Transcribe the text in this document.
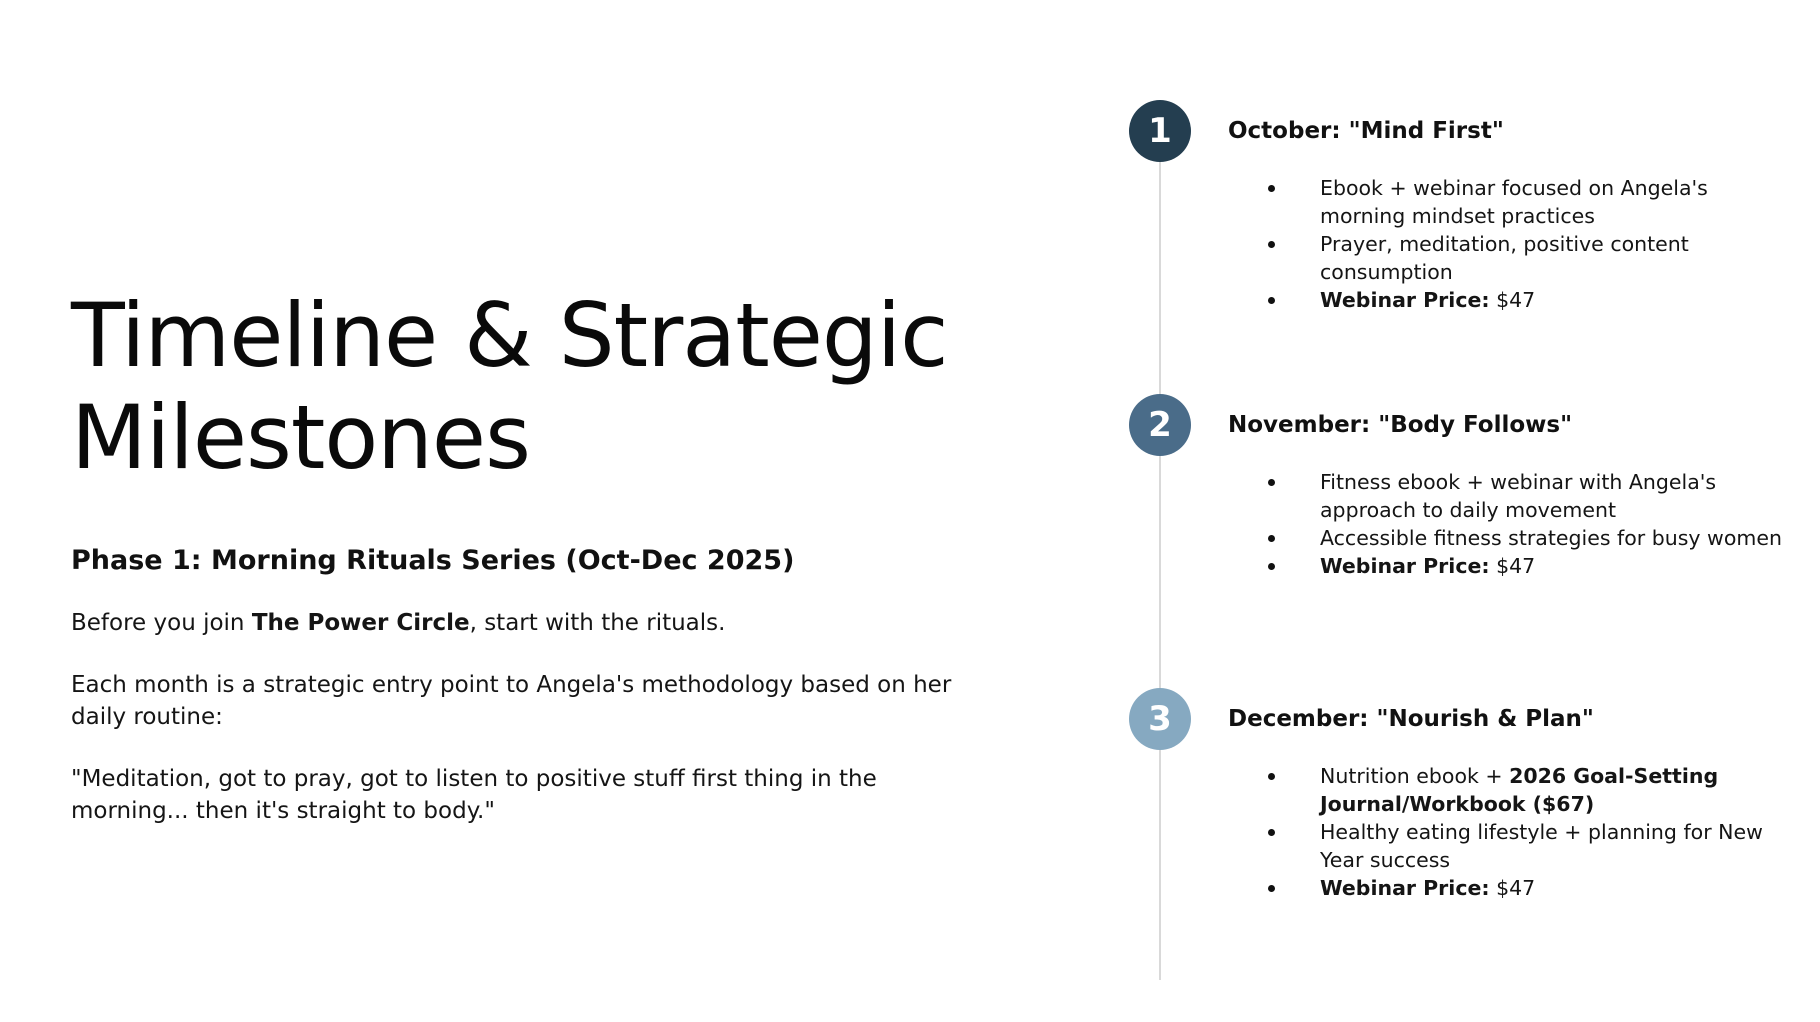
Timeline & Strategic
Milestones
Phase 1: Morning Rituals Series (Oct-Dec 2025)

Before you join The Power Circle, start with the rituals.

Each month is a strategic entry point to Angela's methodology based on her daily routine:

"Meditation, got to pray, got to listen to positive stuff first thing in the morning... then it's straight to body."

1
2
3
October: "Mind First"
Ebook + webinar focused on Angela's morning mindset practices
Prayer, meditation, positive content consumption
Webinar Price: $47
November: "Body Follows"
Fitness ebook + webinar with Angela's approach to daily movement
Accessible fitness strategies for busy women
Webinar Price: $47
December: "Nourish & Plan"
Nutrition ebook + 2026 Goal-Setting Journal/Workbook ($67)
Healthy eating lifestyle + planning for New Year success
Webinar Price: $47
